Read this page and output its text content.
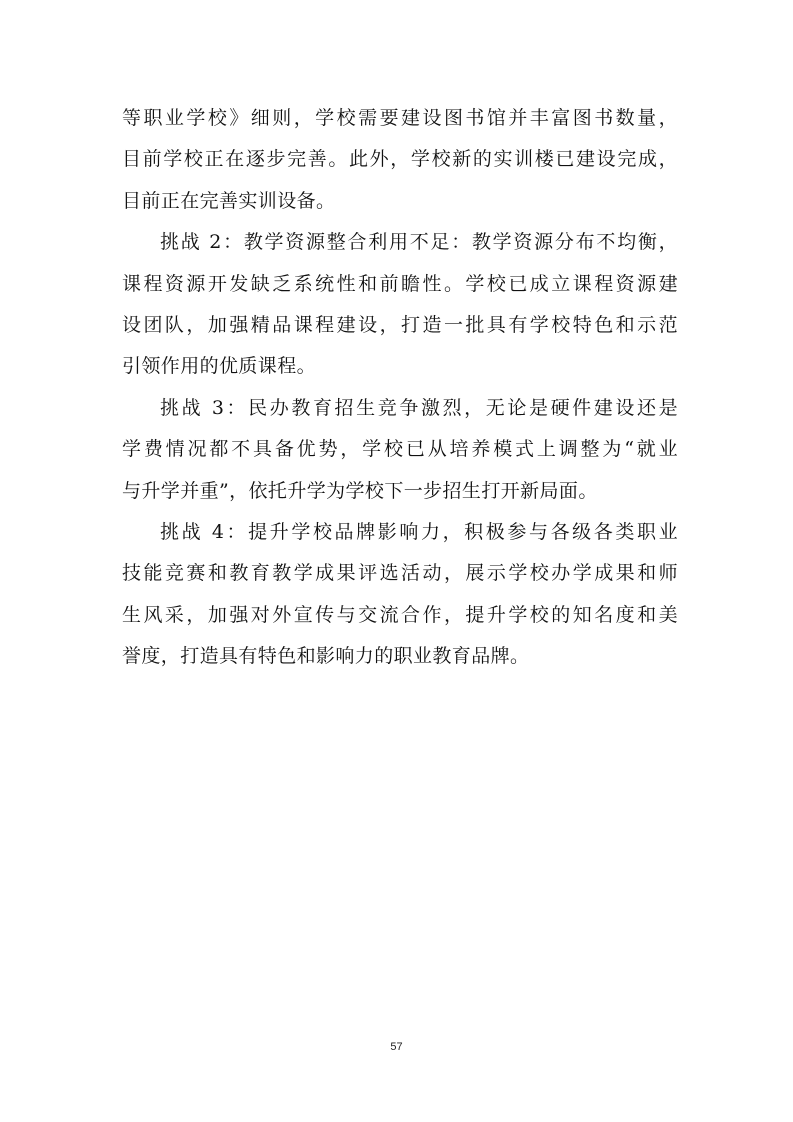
等职业学校》细则，学校需要建设图书馆并丰富图书数量，
目前学校正在逐步完善。此外，学校新的实训楼已建设完成，
目前正在完善实训设备。
挑战 2：教学资源整合利用不足：教学资源分布不均衡，
课程资源开发缺乏系统性和前瞻性。学校已成立课程资源建
设团队，加强精品课程建设，打造一批具有学校特色和示范
引领作用的优质课程。
挑战 3：民办教育招生竞争激烈，无论是硬件建设还是
学费情况都不具备优势，学校已从培养模式上调整为“就业
与升学并重”，依托升学为学校下一步招生打开新局面。
挑战 4：提升学校品牌影响力，积极参与各级各类职业
技能竞赛和教育教学成果评选活动，展示学校办学成果和师
生风采，加强对外宣传与交流合作，提升学校的知名度和美
誉度，打造具有特色和影响力的职业教育品牌。
57
